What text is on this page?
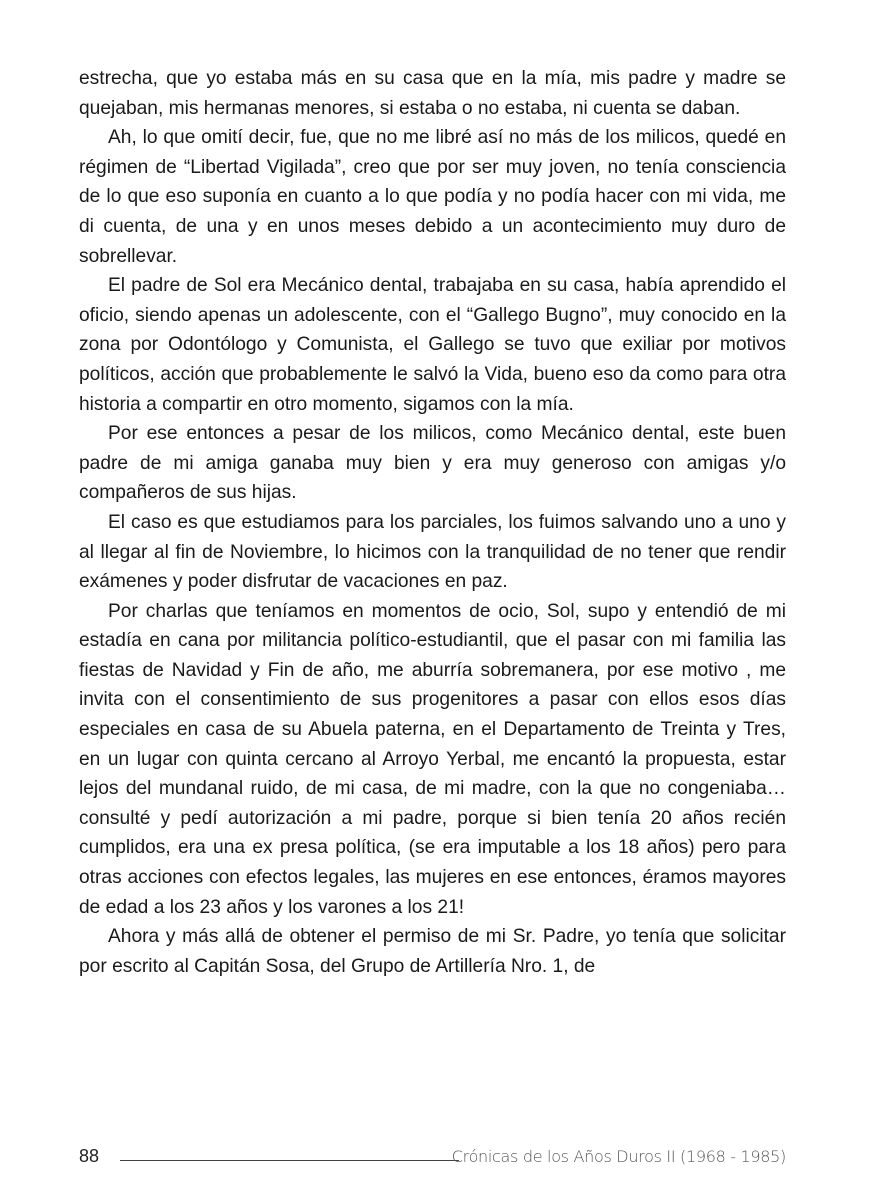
estrecha, que yo estaba más en su casa que en la mía, mis padre y madre se quejaban, mis hermanas menores, si estaba o no estaba, ni cuenta se daban.

Ah, lo que omití decir, fue, que no me libré así no más de los milicos, quedé en régimen de “Libertad Vigilada”, creo que por ser muy joven, no tenía consciencia de lo que eso suponía en cuanto a lo que podía y no podía hacer con mi vida, me di cuenta, de una y en unos meses debido a un acontecimiento muy duro de sobrellevar.

El padre de Sol era Mecánico dental, trabajaba en su casa, había aprendido el oficio, siendo apenas un adolescente, con el “Gallego Bugno”, muy conocido en la zona por Odontólogo y Comunista, el Gallego se tuvo que exiliar por motivos políticos, acción que probablemente le salvó la Vida, bueno eso da como para otra historia a compartir en otro momento, sigamos con la mía.

Por ese entonces a pesar de los milicos, como Mecánico dental, este buen padre de mi amiga ganaba muy bien y era muy generoso con amigas y/o compañeros de sus hijas.

El caso es que estudiamos para los parciales, los fuimos salvando uno a uno y al llegar al fin de Noviembre, lo hicimos con la tranquilidad de no tener que rendir exámenes y poder disfrutar de vacaciones en paz.

Por charlas que teníamos en momentos de ocio, Sol, supo y entendió de mi estadía en cana por militancia político-estudiantil, que el pasar con mi familia las fiestas de Navidad y Fin de año, me aburría sobremanera, por ese motivo , me invita con el consentimiento de sus progenitores a pasar con ellos esos días especiales en casa de su Abuela paterna, en el Departamento de Treinta y Tres, en un lugar con quinta cercano al Arroyo Yerbal, me encantó la propuesta, estar lejos del mundanal ruido, de mi casa, de mi madre, con la que no congeniaba…consulté y pedí autorización a mi padre, porque si bien tenía 20 años recién cumplidos, era una ex presa política, (se era imputable a los 18 años) pero para otras acciones con efectos legales, las mujeres en ese entonces, éramos mayores de edad a los 23 años y los varones a los 21!

Ahora y más allá de obtener el permiso de mi Sr. Padre, yo tenía que solicitar por escrito al Capitán Sosa, del Grupo de Artillería Nro. 1, de

88	Crónicas de los Años Duros II (1968 - 1985)
